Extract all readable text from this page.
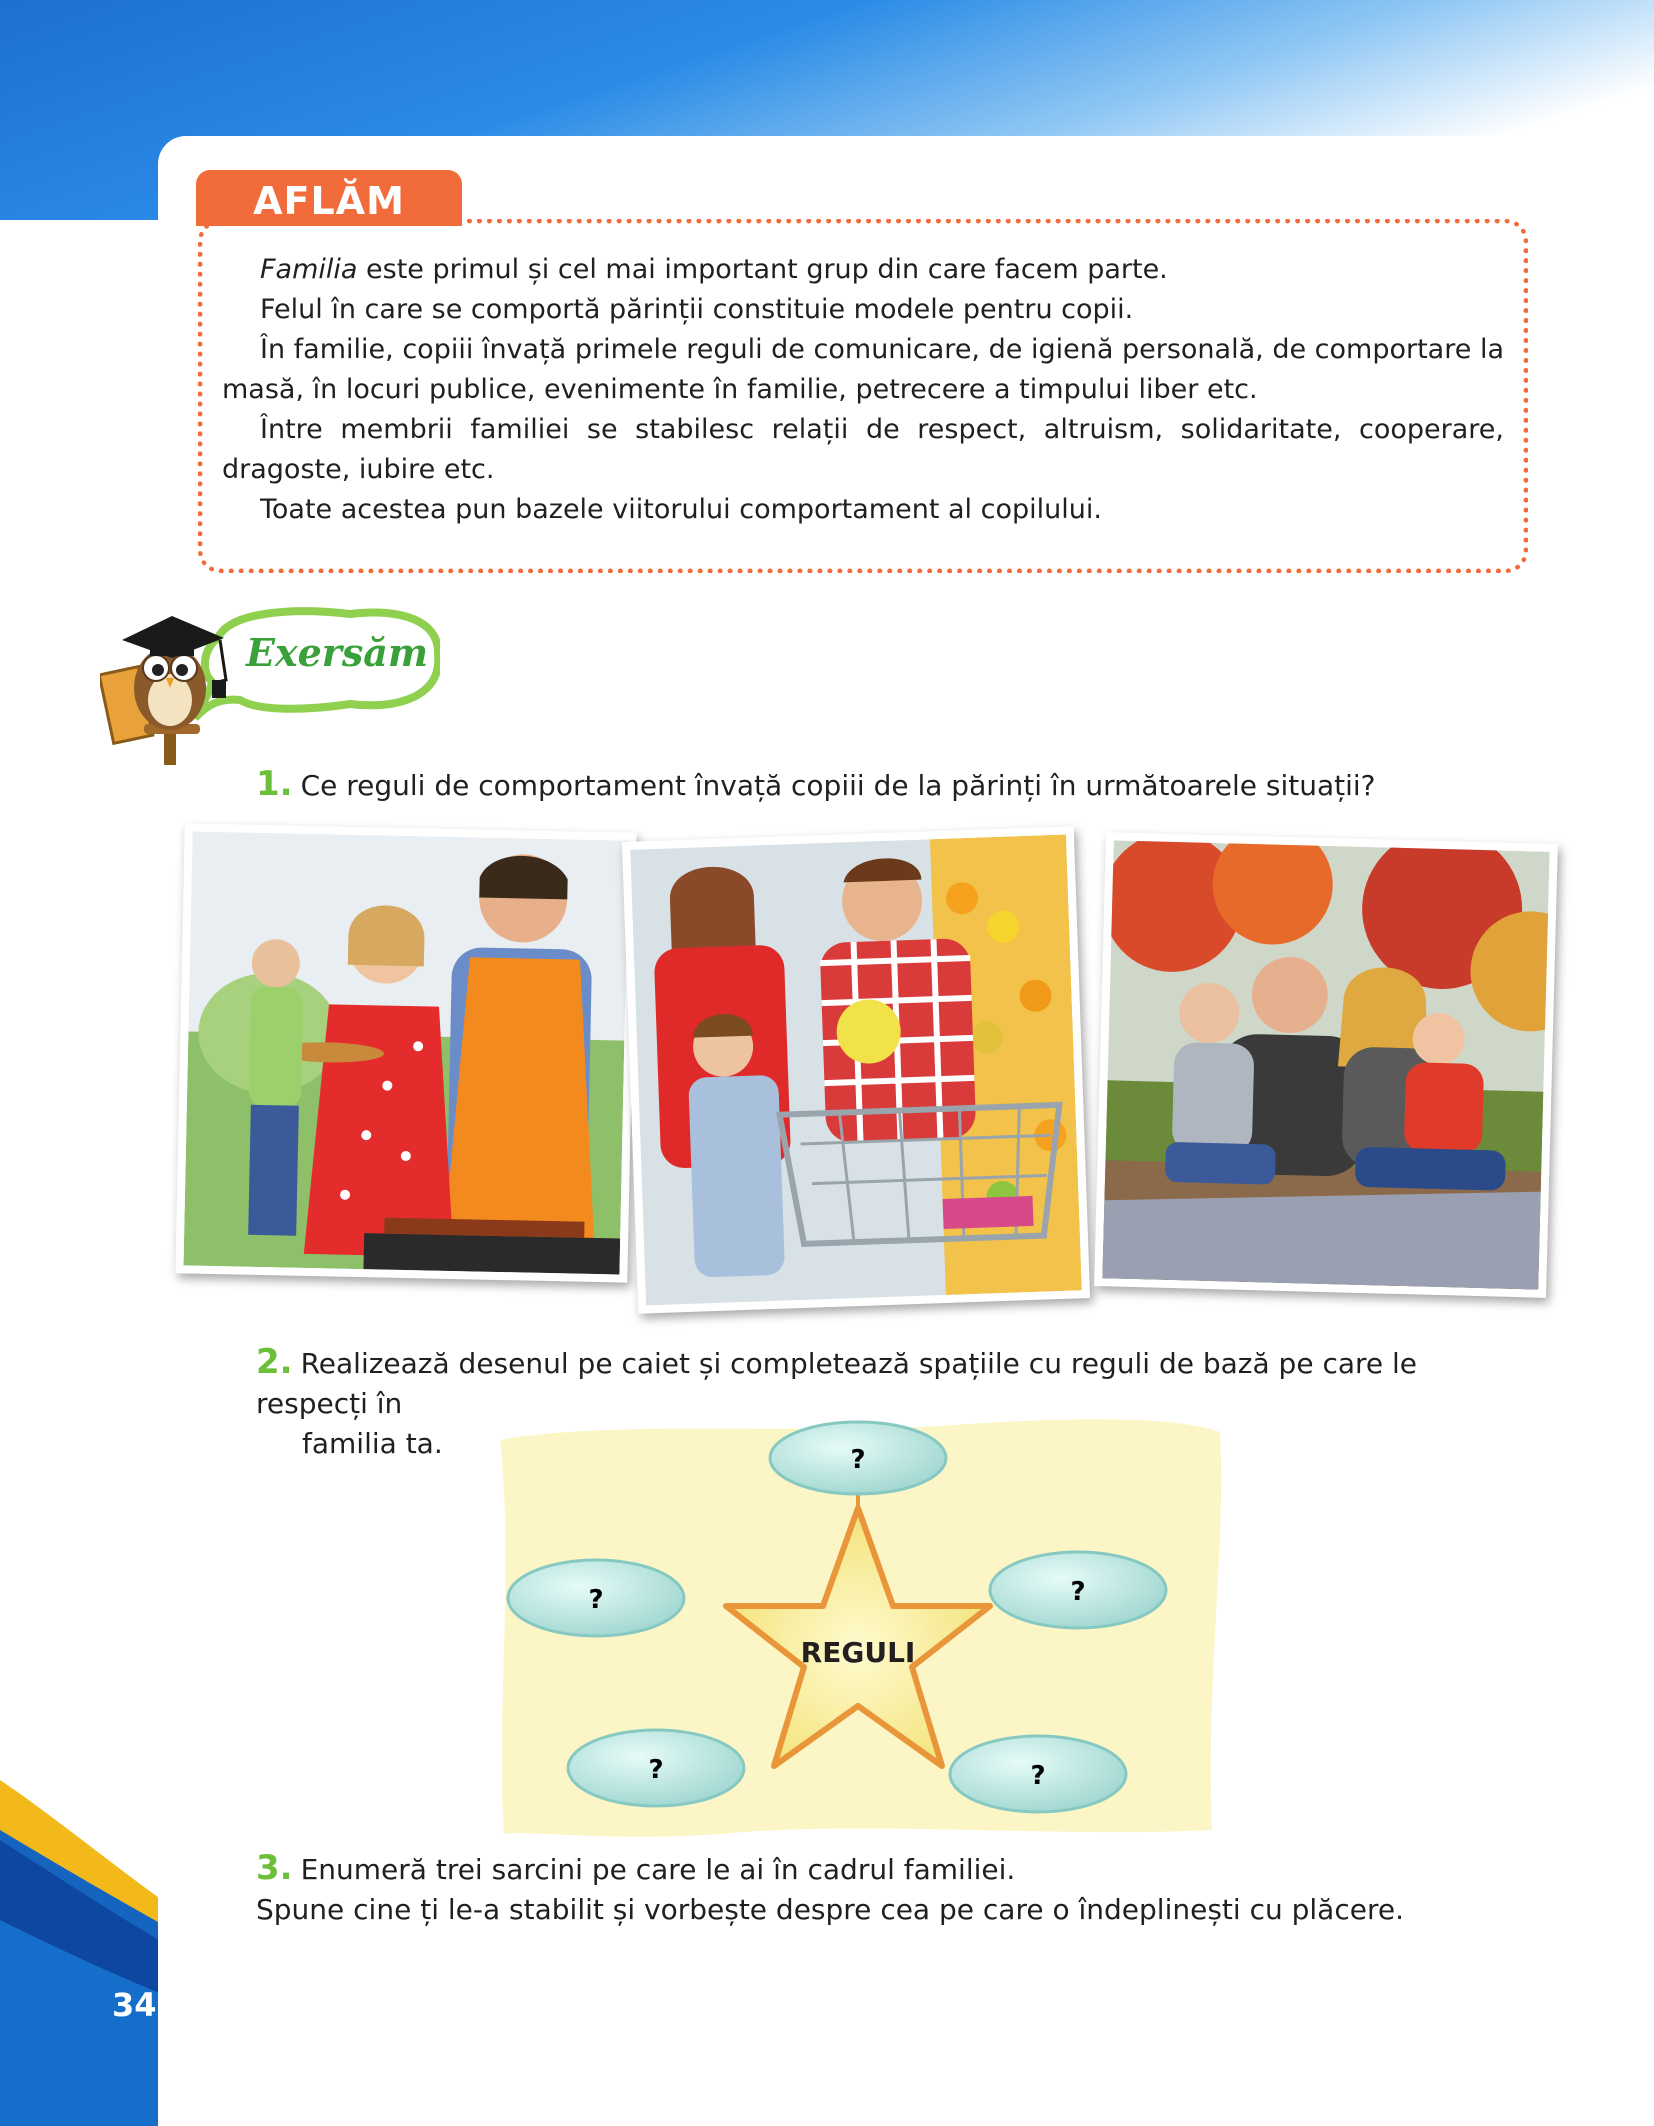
AFLĂM

Familia este primul și cel mai important grup din care facem parte.

Felul în care se comportă părinții constituie modele pentru copii.

În familie, copiii învață primele reguli de comunicare, de igienă personală, de comportare la masă, în locuri publice, evenimente în familie, petrecere a timpului liber etc.

Între membrii familiei se stabilesc relații de respect, altruism, solidaritate, cooperare, dragoste, iubire etc.

Toate acestea pun bazele viitorului comportament al copilului.

Exersăm
1. Ce reguli de comportament învață copiii de la părinți în următoarele situații?
2. Realizează desenul pe caiet și completează spațiile cu reguli de bază pe care le respecți în
familia ta.
REGULI
?
?	?
?	?
3. Enumeră trei sarcini pe care le ai în cadrul familiei.
Spune cine ți le-a stabilit și vorbește despre cea pe care o îndeplinești cu plăcere.
34
